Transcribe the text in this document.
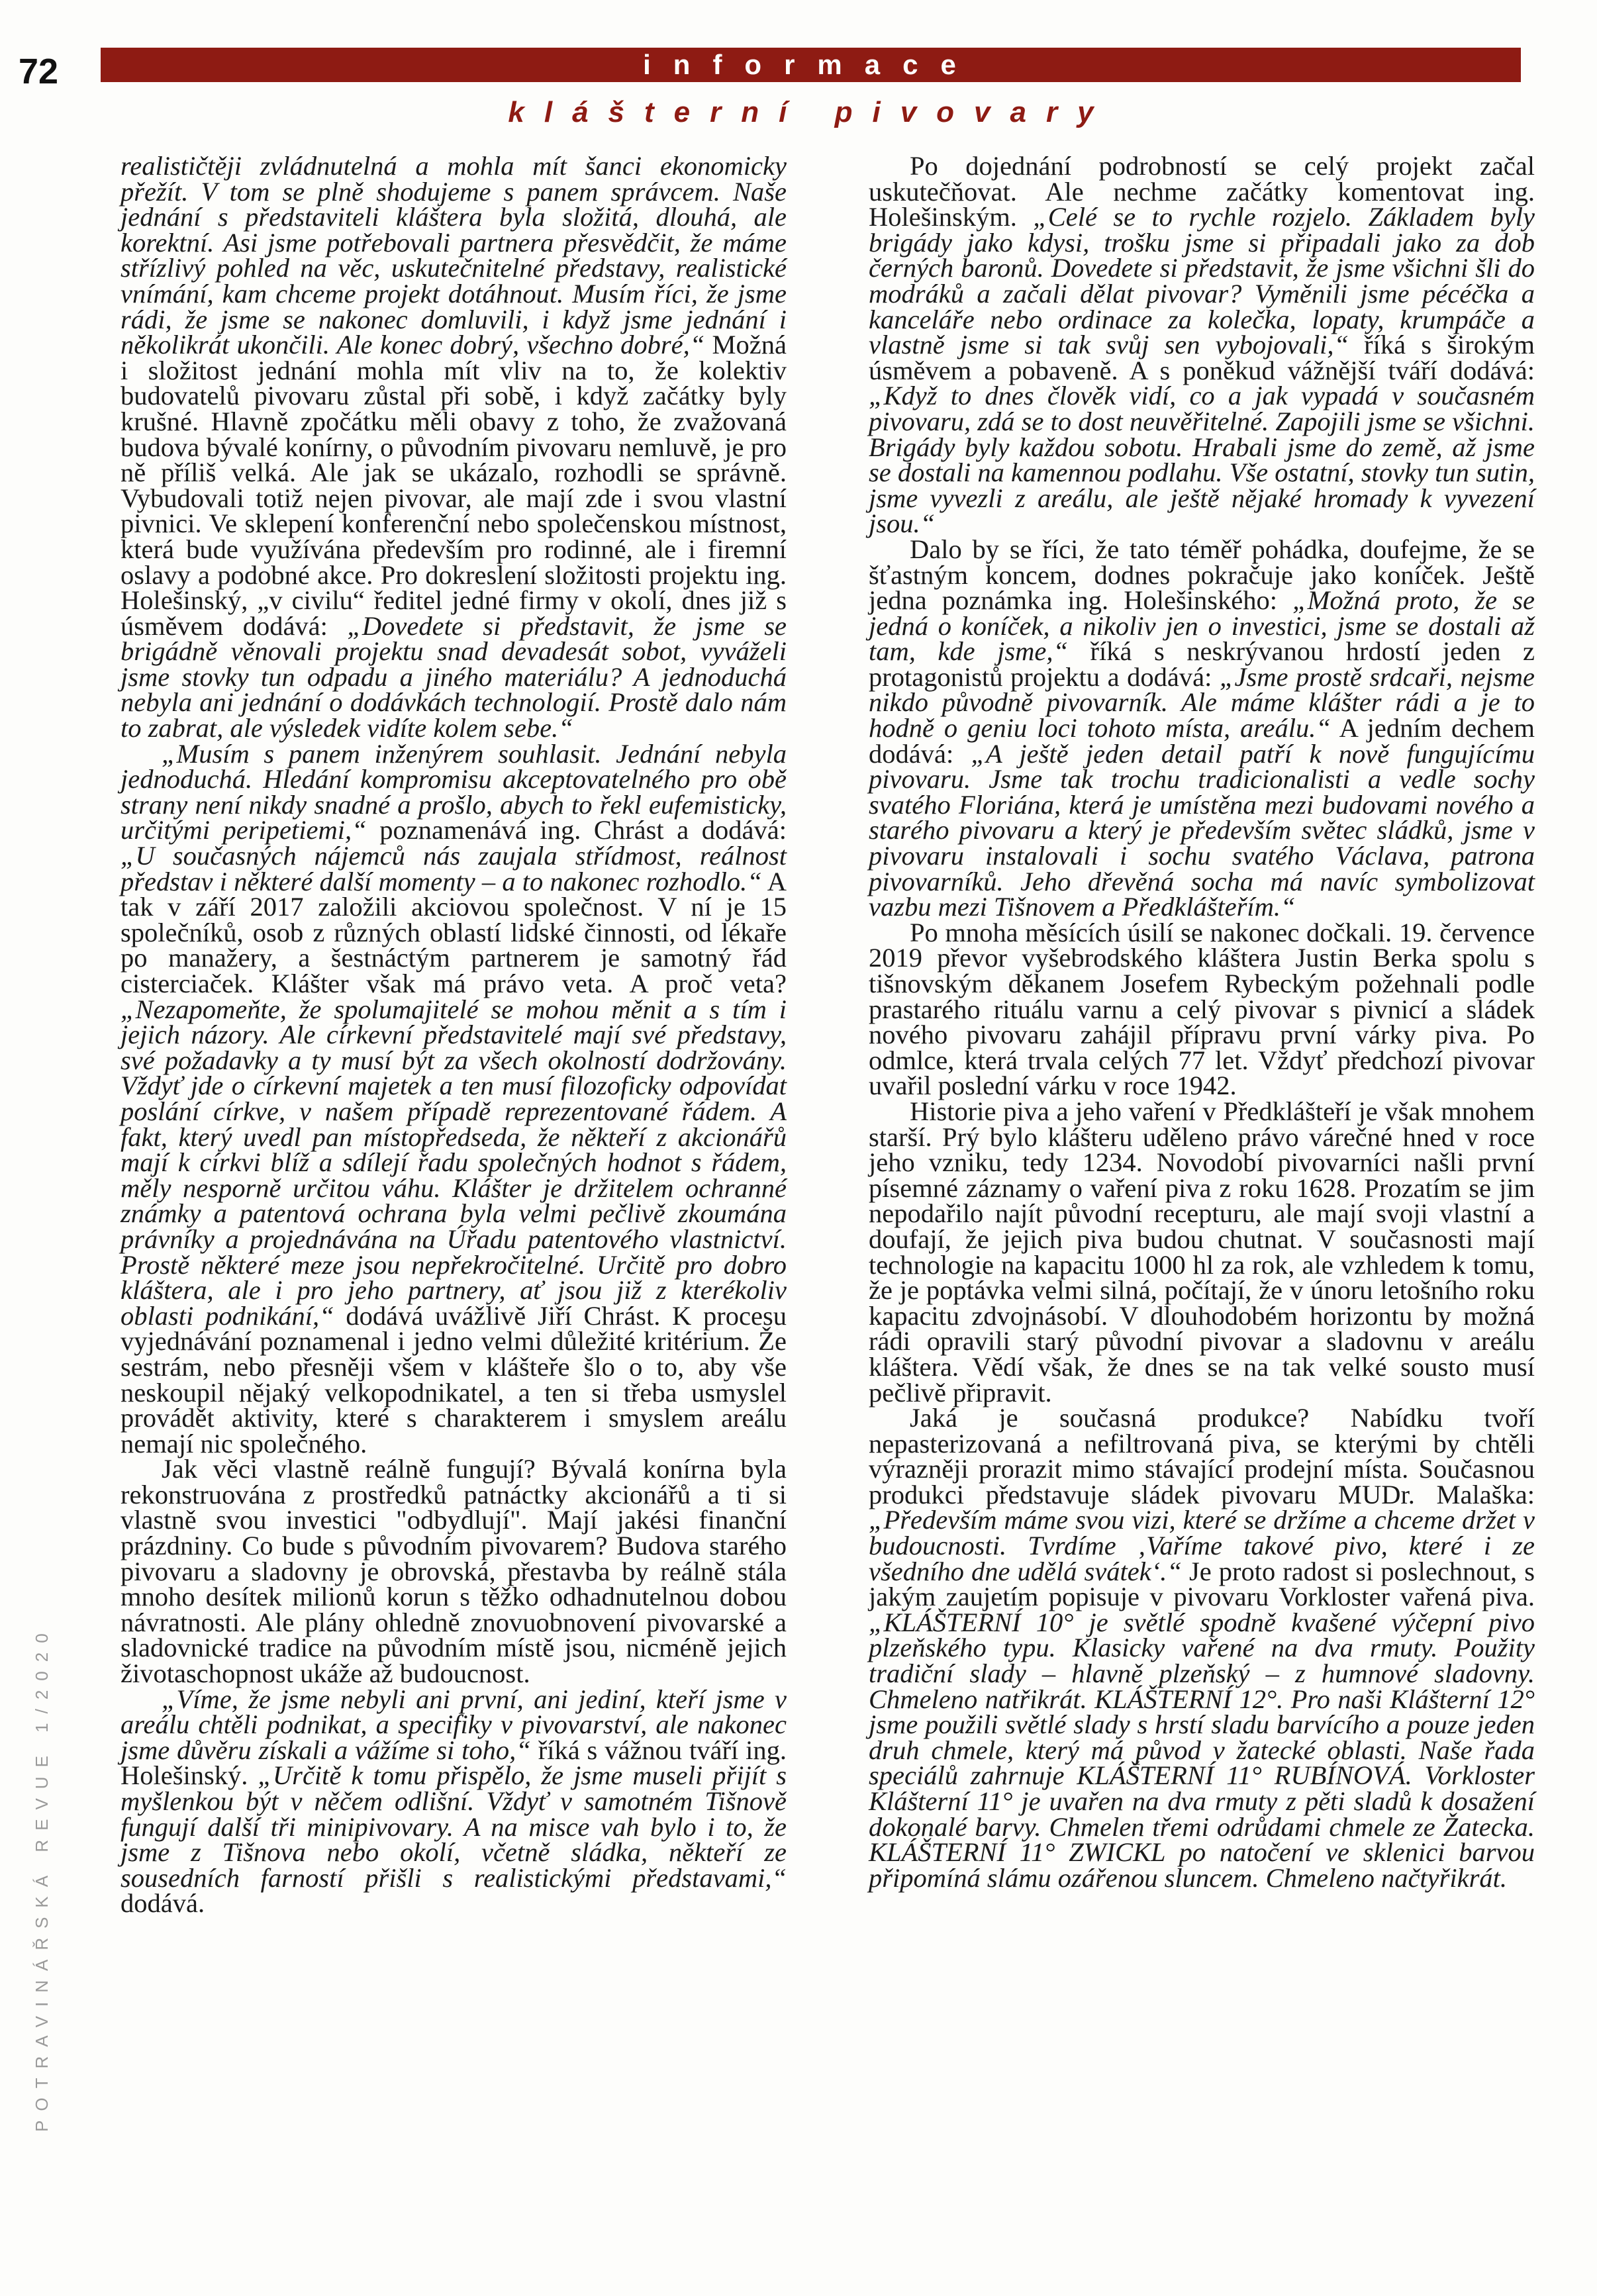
72	informace
klášterní pivovary
POTRAVINÁŘSKÁ REVUE 1/2020

realističtěji zvládnutelná a mohla mít šanci ekonomicky přežít. V tom se plně shodujeme s panem správcem. Naše jednání s představiteli kláštera byla složitá, dlouhá, ale korektní. Asi jsme potřebovali partnera přesvědčit, že máme střízlivý pohled na věc, uskutečnitelné představy, realistické vnímání, kam chceme projekt dotáhnout. Musím říci, že jsme rádi, že jsme se nakonec domluvili, i když jsme jednání i několikrát ukončili. Ale konec dobrý, všechno dobré,“ Možná i složitost jednání mohla mít vliv na to, že kolektiv budovatelů pivovaru zůstal při sobě, i když začátky byly krušné. Hlavně zpočátku měli obavy z toho, že zvažovaná budova bývalé konírny, o původním pivovaru nemluvě, je pro ně příliš velká. Ale jak se ukázalo, rozhodli se správně. Vybudovali totiž nejen pivovar, ale mají zde i svou vlastní pivnici. Ve sklepení konferenční nebo společenskou místnost, která bude využívána především pro rodinné, ale i firemní oslavy a podobné akce. Pro dokreslení složitosti projektu ing. Holešinský, „v civilu“ ředitel jedné firmy v okolí, dnes již s úsměvem dodává: „Dovedete si představit, že jsme se brigádně věnovali projektu snad devadesát sobot, vyváželi jsme stovky tun odpadu a jiného materiálu? A jednoduchá nebyla ani jednání o dodávkách technologií. Prostě dalo nám to zabrat, ale výsledek vidíte kolem sebe.“

„Musím s panem inženýrem souhlasit. Jednání nebyla jednoduchá. Hledání kompromisu akceptovatelného pro obě strany není nikdy snadné a prošlo, abych to řekl eufemisticky, určitými peripetiemi,“ poznamenává ing. Chrást a dodává: „U současných nájemců nás zaujala střídmost, reálnost představ i některé další momenty – a to nakonec rozhodlo.“ A tak v září 2017 založili akciovou společnost. V ní je 15 společníků, osob z různých oblastí lidské činnosti, od lékaře po manažery, a šestnáctým partnerem je samotný řád cisterciaček. Klášter však má právo veta. A proč veta? „Nezapomeňte, že spolumajitelé se mohou měnit a s tím i jejich názory. Ale církevní představitelé mají své představy, své požadavky a ty musí být za všech okolností dodržovány. Vždyť jde o církevní majetek a ten musí filozoficky odpovídat poslání církve, v našem případě reprezentované řádem. A fakt, který uvedl pan místopředseda, že někteří z akcionářů mají k církvi blíž a sdílejí řadu společných hodnot s řádem, měly nesporně určitou váhu. Klášter je držitelem ochranné známky a patentová ochrana byla velmi pečlivě zkoumána právníky a projednávána na Úřadu patentového vlastnictví. Prostě některé meze jsou nepřekročitelné. Určitě pro dobro kláštera, ale i pro jeho partnery, ať jsou již z kterékoliv oblasti podnikání,“ dodává uvážlivě Jiří Chrást. K procesu vyjednávání poznamenal i jedno velmi důležité kritérium. Že sestrám, nebo přesněji všem v klášteře šlo o to, aby vše neskoupil nějaký velkopodnikatel, a ten si třeba usmyslel provádět aktivity, které s charakterem i smyslem areálu nemají nic společného.

Jak věci vlastně reálně fungují? Bývalá konírna byla rekonstruována z prostředků patnáctky akcionářů a ti si vlastně svou investici "odbydlují". Mají jakési finanční prázdniny. Co bude s původním pivovarem? Budova starého pivovaru a sladovny je obrovská, přestavba by reálně stála mnoho desítek milionů korun s těžko odhadnutelnou dobou návratnosti. Ale plány ohledně znovuobnovení pivovarské a sladovnické tradice na původním místě jsou, nicméně jejich životaschopnost ukáže až budoucnost.

„Víme, že jsme nebyli ani první, ani jediní, kteří jsme v areálu chtěli podnikat, a specifiky v pivovarství, ale nakonec jsme důvěru získali a vážíme si toho,“ říká s vážnou tváří ing. Holešinský. „Určitě k tomu přispělo, že jsme museli přijít s myšlenkou být v něčem odlišní. Vždyť v samotném Tišnově fungují další tři minipivovary. A na misce vah bylo i to, že jsme z Tišnova nebo okolí, včetně sládka, někteří ze sousedních farností přišli s realistickými představami,“ dodává.

Po dojednání podrobností se celý projekt začal uskutečňovat. Ale nechme začátky komentovat ing. Holešinským. „Celé se to rychle rozjelo. Základem byly brigády jako kdysi, trošku jsme si připadali jako za dob černých baronů. Dovedete si představit, že jsme všichni šli do modráků a začali dělat pivovar? Vyměnili jsme pécéčka a kanceláře nebo ordinace za kolečka, lopaty, krumpáče a vlastně jsme si tak svůj sen vybojovali,“ říká s širokým úsměvem a pobaveně. A s poněkud vážnější tváří dodává: „Když to dnes člověk vidí, co a jak vypadá v současném pivovaru, zdá se to dost neuvěřitelné. Zapojili jsme se všichni. Brigády byly každou sobotu. Hrabali jsme do země, až jsme se dostali na kamennou podlahu. Vše ostatní, stovky tun sutin, jsme vyvezli z areálu, ale ještě nějaké hromady k vyvezení jsou.“

Dalo by se říci, že tato téměř pohádka, doufejme, že se šťastným koncem, dodnes pokračuje jako koníček. Ještě jedna poznámka ing. Holešinského: „Možná proto, že se jedná o koníček, a nikoliv jen o investici, jsme se dostali až tam, kde jsme,“ říká s neskrývanou hrdostí jeden z protagonistů projektu a dodává: „Jsme prostě srdcaři, nejsme nikdo původně pivovarník. Ale máme klášter rádi a je to hodně o geniu loci tohoto místa, areálu.“ A jedním dechem dodává: „A ještě jeden detail patří k nově fungujícímu pivovaru. Jsme tak trochu tradicionalisti a vedle sochy svatého Floriána, která je umístěna mezi budovami nového a starého pivovaru a který je především světec sládků, jsme v pivovaru instalovali i sochu svatého Václava, patrona pivovarníků. Jeho dřevěná socha má navíc symbolizovat vazbu mezi Tišnovem a Předklášteřím.“

Po mnoha měsících úsilí se nakonec dočkali. 19. července 2019 převor vyšebrodského kláštera Justin Berka spolu s tišnovským děkanem Josefem Rybeckým požehnali podle prastarého rituálu varnu a celý pivovar s pivnicí a sládek nového pivovaru zahájil přípravu první várky piva. Po odmlce, která trvala celých 77 let. Vždyť předchozí pivovar uvařil poslední várku v roce 1942.

Historie piva a jeho vaření v Předklášteří je však mnohem starší. Prý bylo klášteru uděleno právo várečné hned v roce jeho vzniku, tedy 1234. Novodobí pivovarníci našli první písemné záznamy o vaření piva z roku 1628. Prozatím se jim nepodařilo najít původní recepturu, ale mají svoji vlastní a doufají, že jejich piva budou chutnat. V současnosti mají technologie na kapacitu 1000 hl za rok, ale vzhledem k tomu, že je poptávka velmi silná, počítají, že v únoru letošního roku kapacitu zdvojnásobí. V dlouhodobém horizontu by možná rádi opravili starý původní pivovar a sladovnu v areálu kláštera. Vědí však, že dnes se na tak velké sousto musí pečlivě připravit.

Jaká je současná produkce? Nabídku tvoří nepasterizovaná a nefiltrovaná piva, se kterými by chtěli výrazněji prorazit mimo stávající prodejní místa. Současnou produkci představuje sládek pivovaru MUDr. Malaška: „Především máme svou vizi, které se držíme a chceme držet v budoucnosti. Tvrdíme ‚Vaříme takové pivo, které i ze všedního dne udělá svátek‘.“ Je proto radost si poslechnout, s jakým zaujetím popisuje v pivovaru Vorkloster vařená piva. „KLÁŠTERNÍ 10° je světlé spodně kvašené výčepní pivo plzeňského typu. Klasicky vařené na dva rmuty. Použity tradiční slady – hlavně plzeňský – z humnové sladovny. Chmeleno natřikrát. KLÁŠTERNÍ 12°. Pro naši Klášterní 12° jsme použili světlé slady s hrstí sladu barvícího a pouze jeden druh chmele, který má původ v žatecké oblasti. Naše řada speciálů zahrnuje KLÁŠTERNÍ 11° RUBÍNOVÁ. Vorkloster Klášterní 11° je uvařen na dva rmuty z pěti sladů k dosažení dokonalé barvy. Chmelen třemi odrůdami chmele ze Žatecka. KLÁŠTERNÍ 11° ZWICKL po natočení ve sklenici barvou připomíná slámu ozářenou sluncem. Chmeleno načtyřikrát.
